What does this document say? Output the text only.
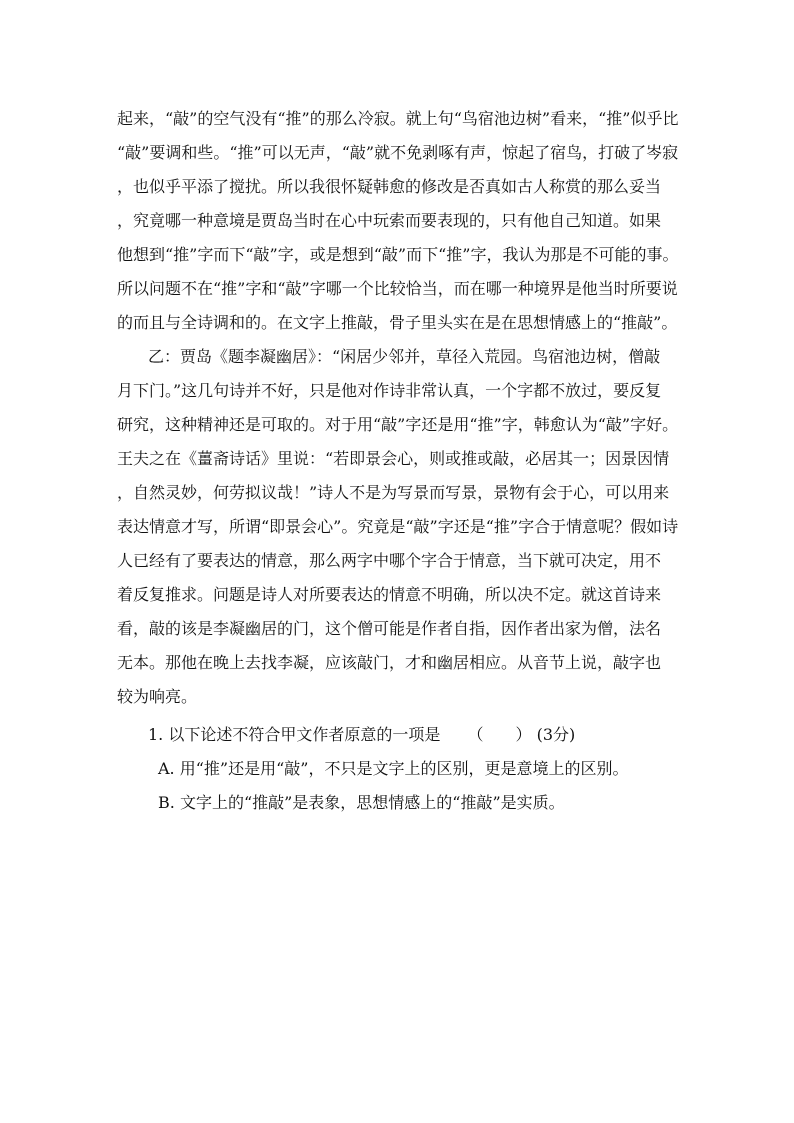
起来，“敲”的空气没有“推”的那么冷寂。就上句“鸟宿池边树”看来，“推”似乎比
“敲”要调和些。“推”可以无声，“敲”就不免剥啄有声，惊起了宿鸟，打破了岑寂
，也似乎平添了搅扰。所以我很怀疑韩愈的修改是否真如古人称赏的那么妥当
，究竟哪一种意境是贾岛当时在心中玩索而要表现的，只有他自己知道。如果
他想到“推”字而下“敲”字，或是想到“敲”而下“推”字，我认为那是不可能的事。
所以问题不在“推”字和“敲”字哪一个比较恰当，而在哪一种境界是他当时所要说
的而且与全诗调和的。在文字上推敲，骨子里头实在是在思想情感上的“推敲”。
乙：贾岛《题李凝幽居》：“闲居少邻并，草径入荒园。鸟宿池边树，僧敲
月下门。”这几句诗并不好，只是他对作诗非常认真，一个字都不放过，要反复
研究，这种精神还是可取的。对于用“敲”字还是用“推”字，韩愈认为“敲”字好。
王夫之在《薑斋诗话》里说：“若即景会心，则或推或敲，必居其一；因景因情
，自然灵妙，何劳拟议哉！”诗人不是为写景而写景，景物有会于心，可以用来
表达情意才写，所谓“即景会心”。究竟是“敲”字还是“推”字合于情意呢？假如诗
人已经有了要表达的情意，那么两字中哪个字合于情意，当下就可决定，用不
着反复推求。问题是诗人对所要表达的情意不明确，所以决不定。就这首诗来
看，敲的该是李凝幽居的门，这个僧可能是作者自指，因作者出家为僧，法名
无本。那他在晚上去找李凝，应该敲门，才和幽居相应。从音节上说，敲字也
较为响亮。
1. 以下论述不符合甲文作者原意的一项是 （　　） (3分)
A. 用“推”还是用“敲”，不只是文字上的区别，更是意境上的区别。
B. 文字上的“推敲”是表象，思想情感上的“推敲”是实质。
